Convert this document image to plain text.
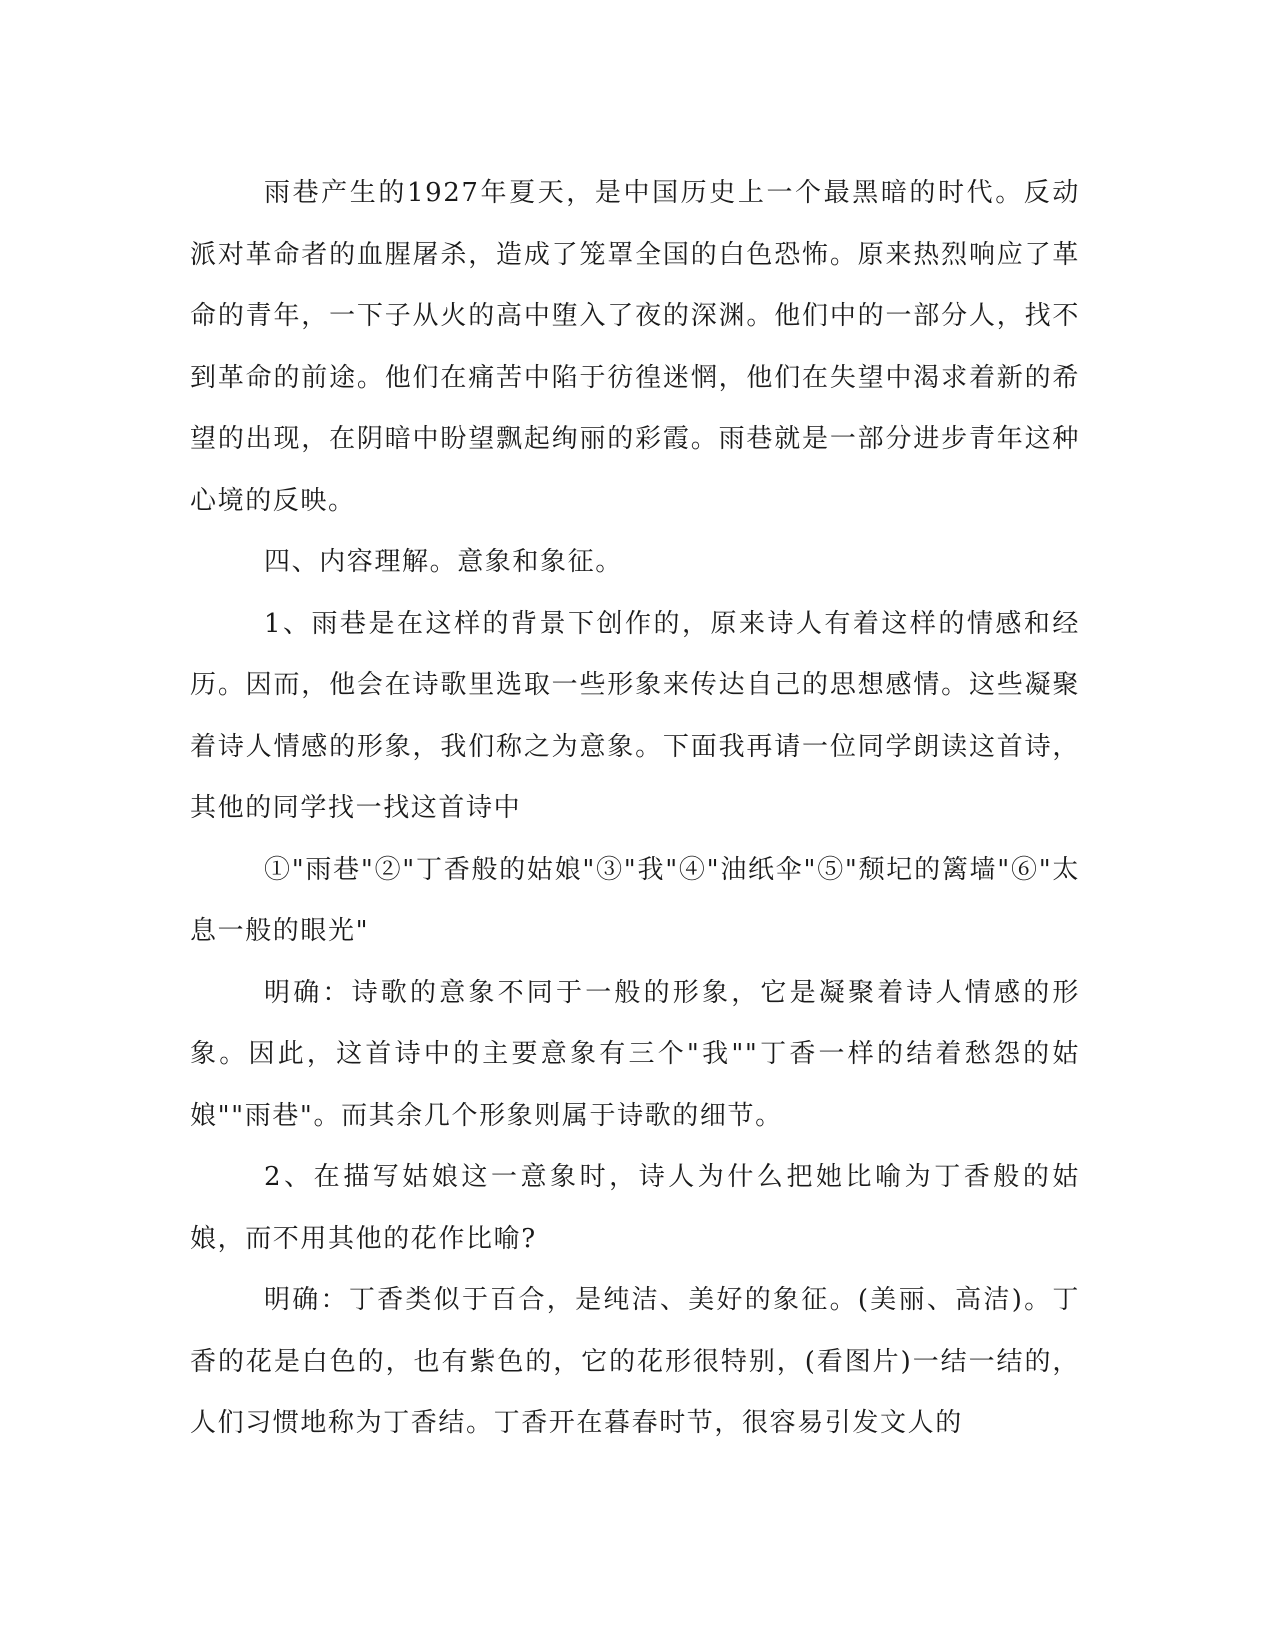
雨巷产生的1927年夏天，是中国历史上一个最黑暗的时代。反动派对革命者的血腥屠杀，造成了笼罩全国的白色恐怖。原来热烈响应了革命的青年，一下子从火的高中堕入了夜的深渊。他们中的一部分人，找不到革命的前途。他们在痛苦中陷于彷徨迷惘，他们在失望中渴求着新的希望的出现，在阴暗中盼望飘起绚丽的彩霞。雨巷就是一部分进步青年这种心境的反映。

四、内容理解。意象和象征。

1、雨巷是在这样的背景下创作的，原来诗人有着这样的情感和经历。因而，他会在诗歌里选取一些形象来传达自己的思想感情。这些凝聚着诗人情感的形象，我们称之为意象。下面我再请一位同学朗读这首诗，其他的同学找一找这首诗中

①"雨巷"②"丁香般的姑娘"③"我"④"油纸伞"⑤"颓圮的篱墙"⑥"太息一般的眼光"

明确：诗歌的意象不同于一般的形象，它是凝聚着诗人情感的形象。因此，这首诗中的主要意象有三个"我""丁香一样的结着愁怨的姑娘""雨巷"。而其余几个形象则属于诗歌的细节。

2、在描写姑娘这一意象时，诗人为什么把她比喻为丁香般的姑娘，而不用其他的花作比喻?

明确：丁香类似于百合，是纯洁、美好的象征。(美丽、高洁)。丁香的花是白色的，也有紫色的，它的花形很特别，(看图片)一结一结的，人们习惯地称为丁香结。丁香开在暮春时节，很容易引发文人的
